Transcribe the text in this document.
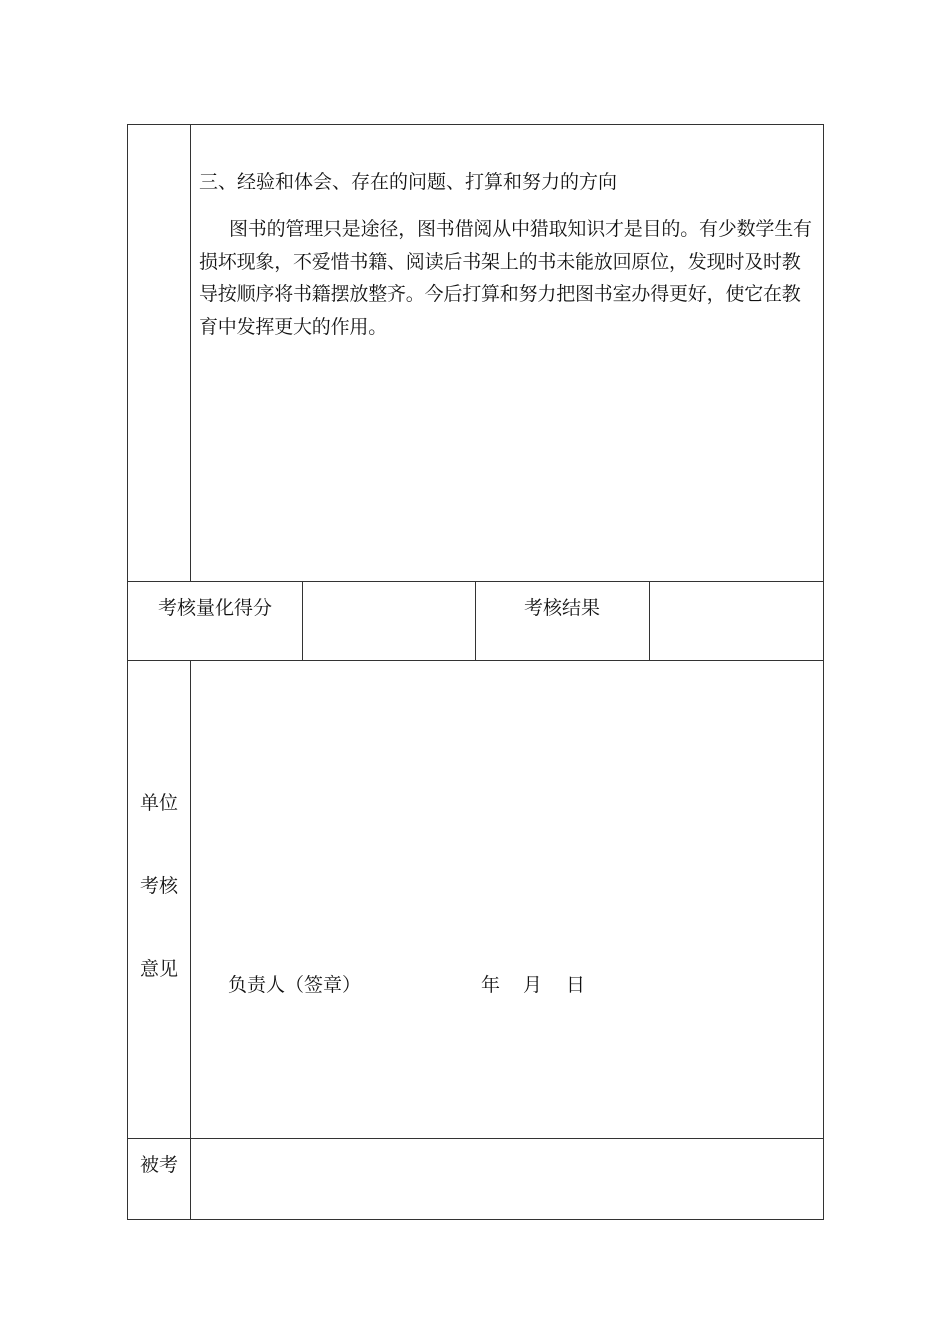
三、经验和体会、存在的问题、打算和努力的方向
图书的管理只是途径，图书借阅从中猎取知识才是目的。有少数学生有损坏现象，不爱惜书籍、阅读后书架上的书未能放回原位，发现时及时教导按顺序将书籍摆放整齐。今后打算和努力把图书室办得更好，使它在教育中发挥更大的作用。
考核量化得分	考核结果
单位
考核
意见
负责人（签章）	年 月 日
被考
